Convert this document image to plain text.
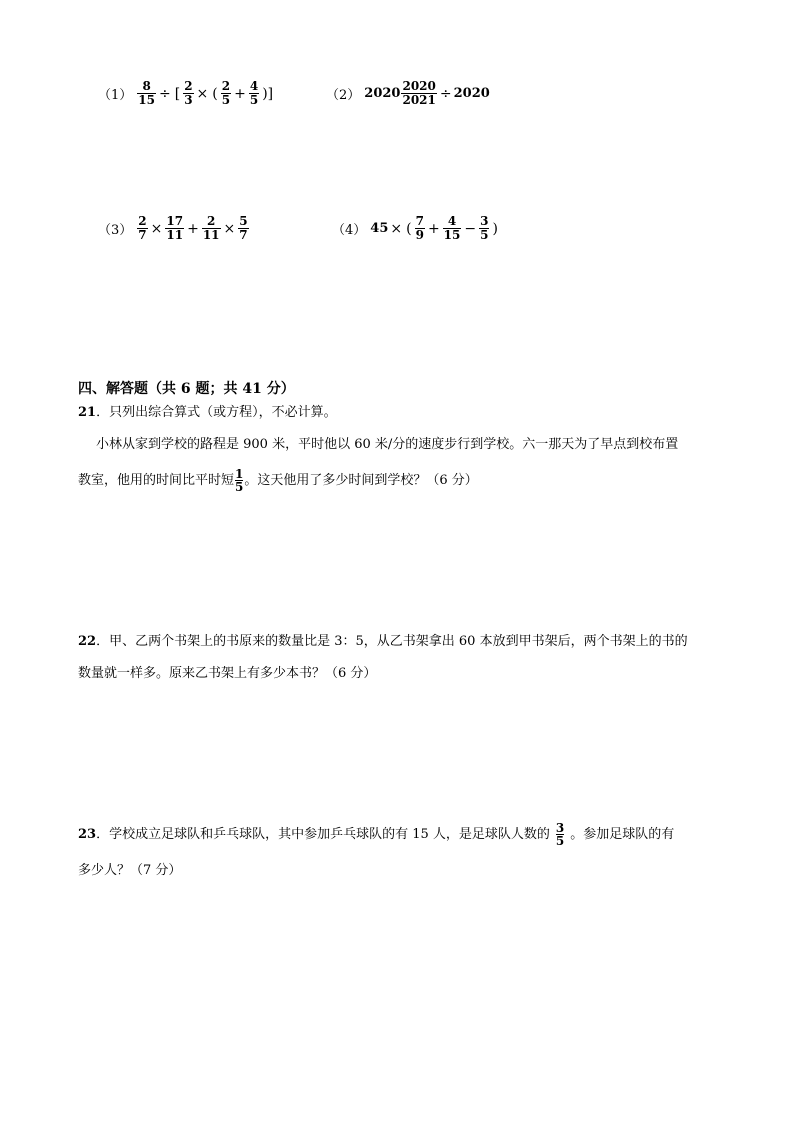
$(1) \frac{8}{15}$ ÷ [ $\frac{2}{3}$ × ( $\frac{2}{5} + \frac{4}{5}$ )]	（2） $2020 \frac{2020}{2021} \div 2020$
$(3) \frac{2}{7} \times \frac{17}{11} + \frac{2}{11} \times \frac{5}{7}$	（4） 45 × ( $\frac{7}{9} + \frac{4}{15} - \frac{3}{5}$ )
四、解答题（共 6 题；共 41 分）
21．只列出综合算式（或方程），不必计算。
小林从家到学校的路程是 900 米，平时他以 60 米/分的速度步行到学校。六一那天为了早点到校布置
教室，他用的时间比平时短 $\frac{1}{5}$ 。这天他用了多少时间到学校？（6 分）
22．甲、乙两个书架上的书原来的数量比是 3：5，从乙书架拿出 60 本放到甲书架后，两个书架上的书的
数量就一样多。原来乙书架上有多少本书？（6 分）
23．学校成立足球队和乒乓球队，其中参加乒乓球队的有 15 人，是足球队人数的 $\frac{3}{5}$ 。参加足球队的有
多少人？（7 分）
